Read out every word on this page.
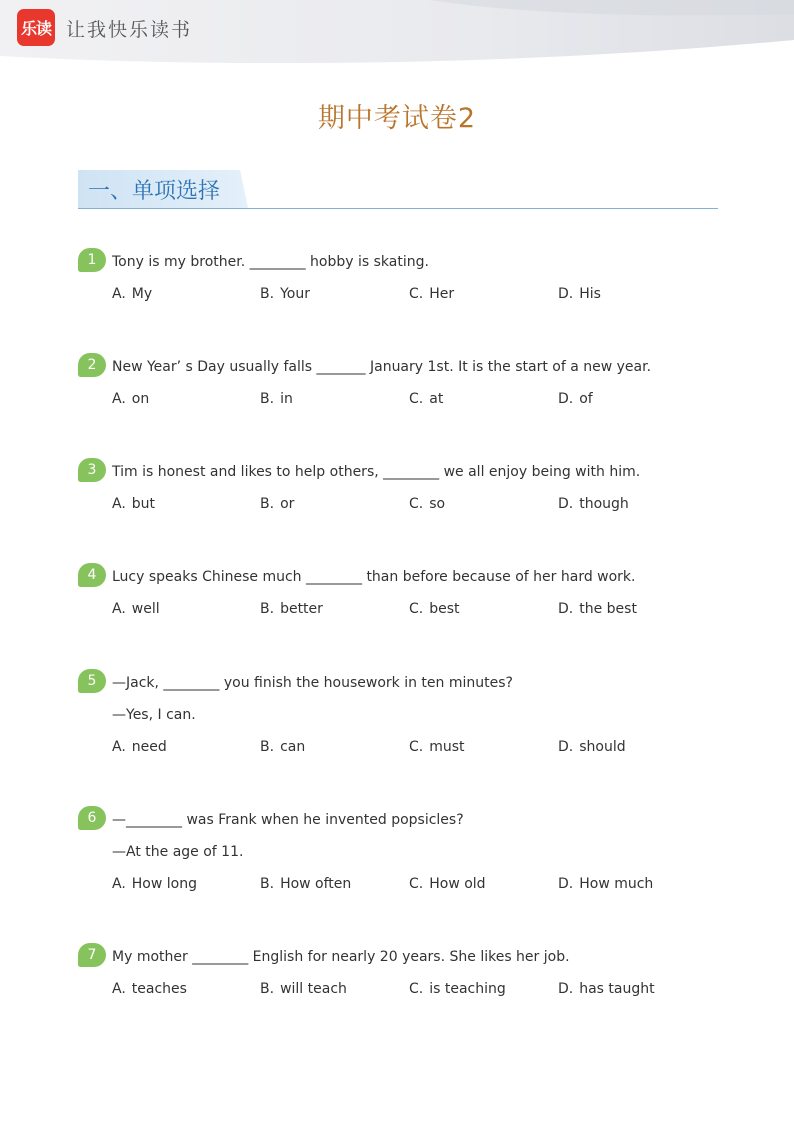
乐读 让我快乐读书
期中考试卷2
一、单项选择
1	Tony is my brother. ________ hobby is skating.
A. My	B. Your	C. Her	D. His
2	New Year’ s Day usually falls _______ January 1st. It is the start of a new year.
A. on	B. in	C. at	D. of
3	Tim is honest and likes to help others, ________ we all enjoy being with him.
A. but	B. or	C. so	D. though
4	Lucy speaks Chinese much ________ than before because of her hard work.
A. well	B. better	C. best	D. the best
5	—Jack, ________ you finish the housework in ten minutes?
—Yes, I can.
A. need	B. can	C. must	D. should
6	—________ was Frank when he invented popsicles?
—At the age of 11.
A. How long	B. How often	C. How old	D. How much
7	My mother ________ English for nearly 20 years. She likes her job.
A. teaches	B. will teach	C. is teaching	D. has taught
